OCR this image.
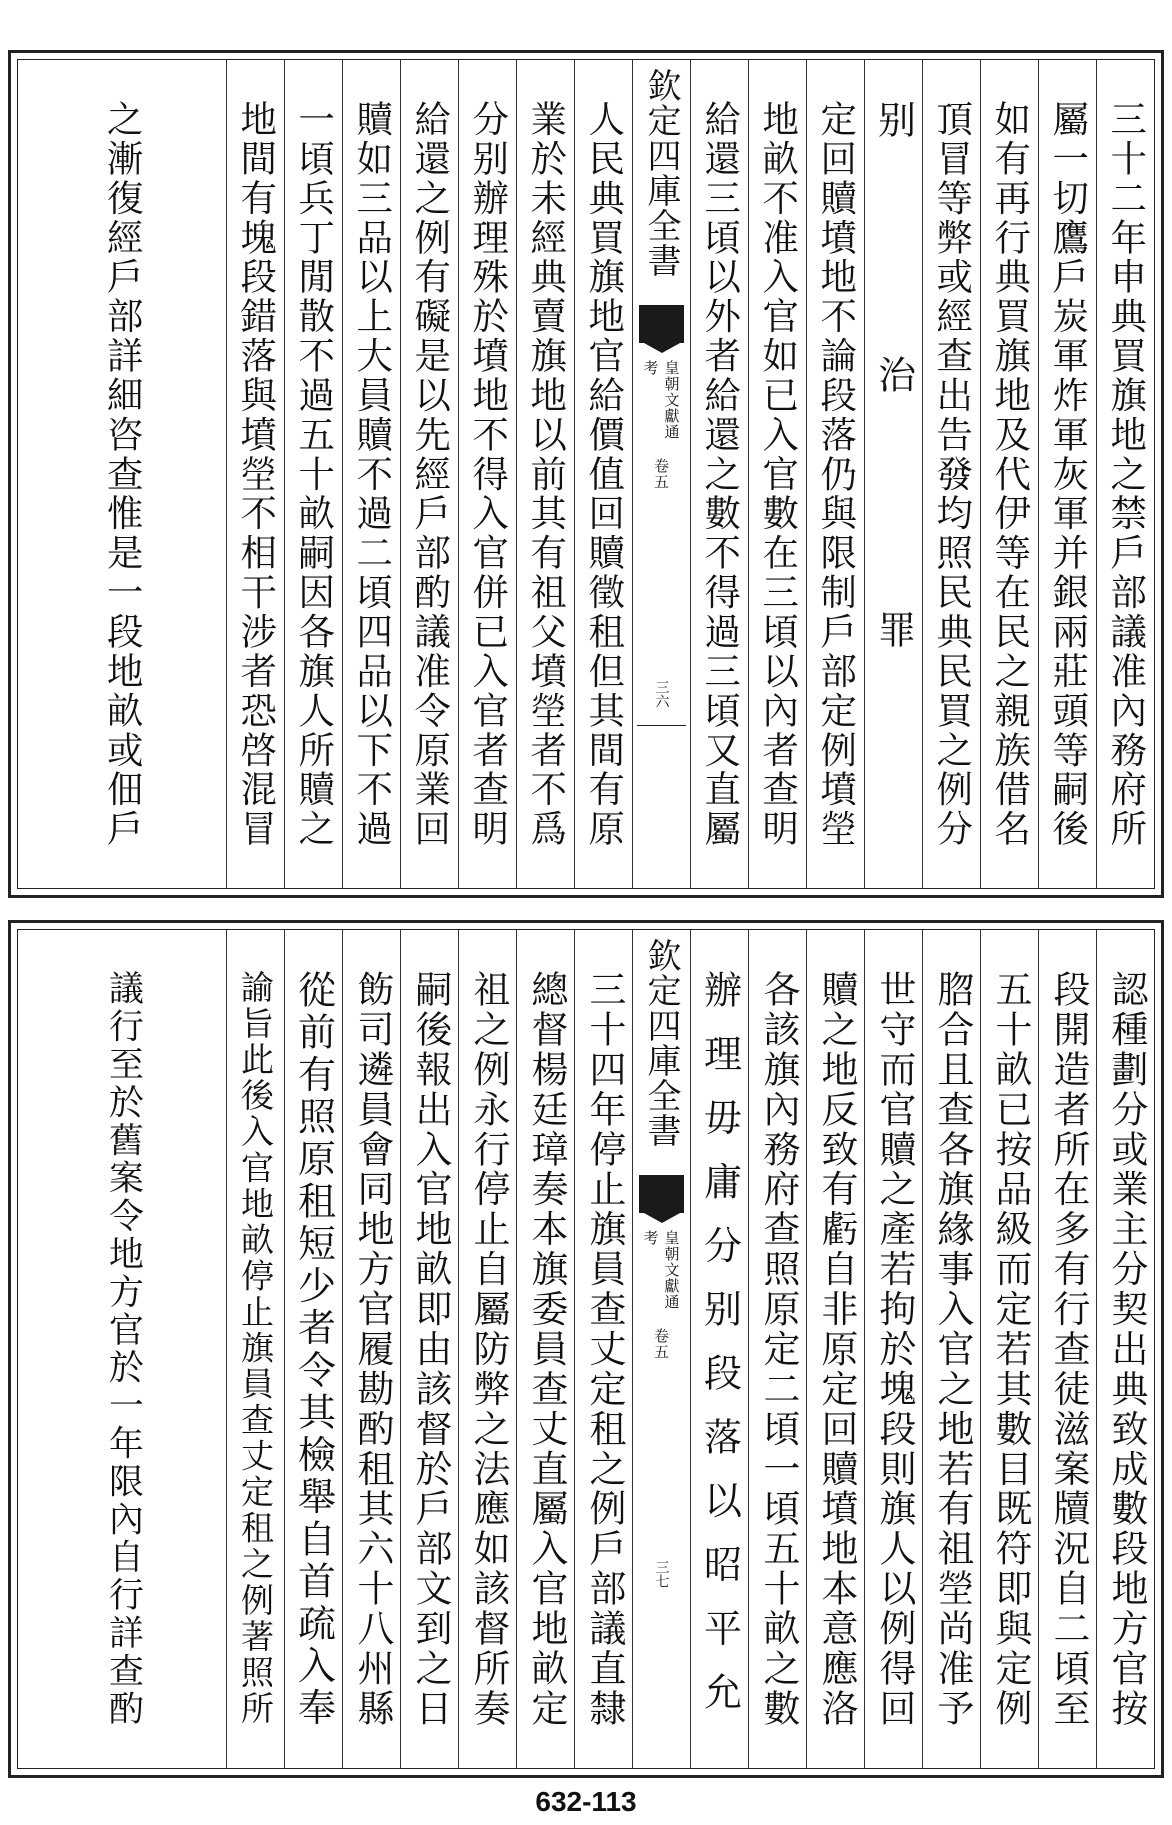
三十二年申典買旗地之禁戶部議准內務府所
屬一切鷹戶炭軍炸軍灰軍并銀兩莊頭等嗣後
如有再行典買旗地及代伊等在民之親族借名
頂冒等弊或經查出告發均照民典民買之例分
别治罪
定回贖墳地不論段落仍與限制戶部定例墳塋
地畝不准入官如已入官數在三頃以內者查明
給還三頃以外者給還之數不得過三頃又直屬
欽定四庫全書
皇朝文獻通考
卷五
三六
人民典買旗地官給價值回贖徵租但其間有原
業於未經典賣旗地以前其有祖父墳塋者不爲
分别辦理殊於墳地不得入官併已入官者查明
給還之例有礙是以先經戶部酌議准令原業回
贖如三品以上大員贖不過二頃四品以下不過
一頃兵丁閒散不過五十畝嗣因各旗人所贖之
地間有塊段錯落與墳塋不相干涉者恐啓混冒
之漸復經戶部詳細咨查惟是一段地畝或佃戶
認種劃分或業主分契出典致成數段地方官按
段開造者所在多有行查徒滋案牘況自二頃至
五十畝已按品級而定若其數目既符即與定例
脗合且查各旗緣事入官之地若有祖塋尚准予
世守而官贖之產若拘於塊段則旗人以例得回
贖之地反致有虧自非原定回贖墳地本意應洛
各該旗內務府查照原定二頃一頃五十畝之數
辦理毋庸分别段落以昭平允
欽定四庫全書
皇朝文獻通考
卷五
三七
三十四年停止旗員查丈定租之例戶部議直隸
總督楊廷璋奏本旗委員查丈直屬入官地畝定
祖之例永行停止自屬防弊之法應如該督所奏
嗣後報出入官地畝即由該督於戶部文到之日
飭司遴員會同地方官履勘酌租其六十八州縣
從前有照原租短少者令其檢舉自首疏入奉
諭旨此後入官地畝停止旗員查丈定租之例著照所
議行至於舊案令地方官於一年限內自行詳查酌
632-113
